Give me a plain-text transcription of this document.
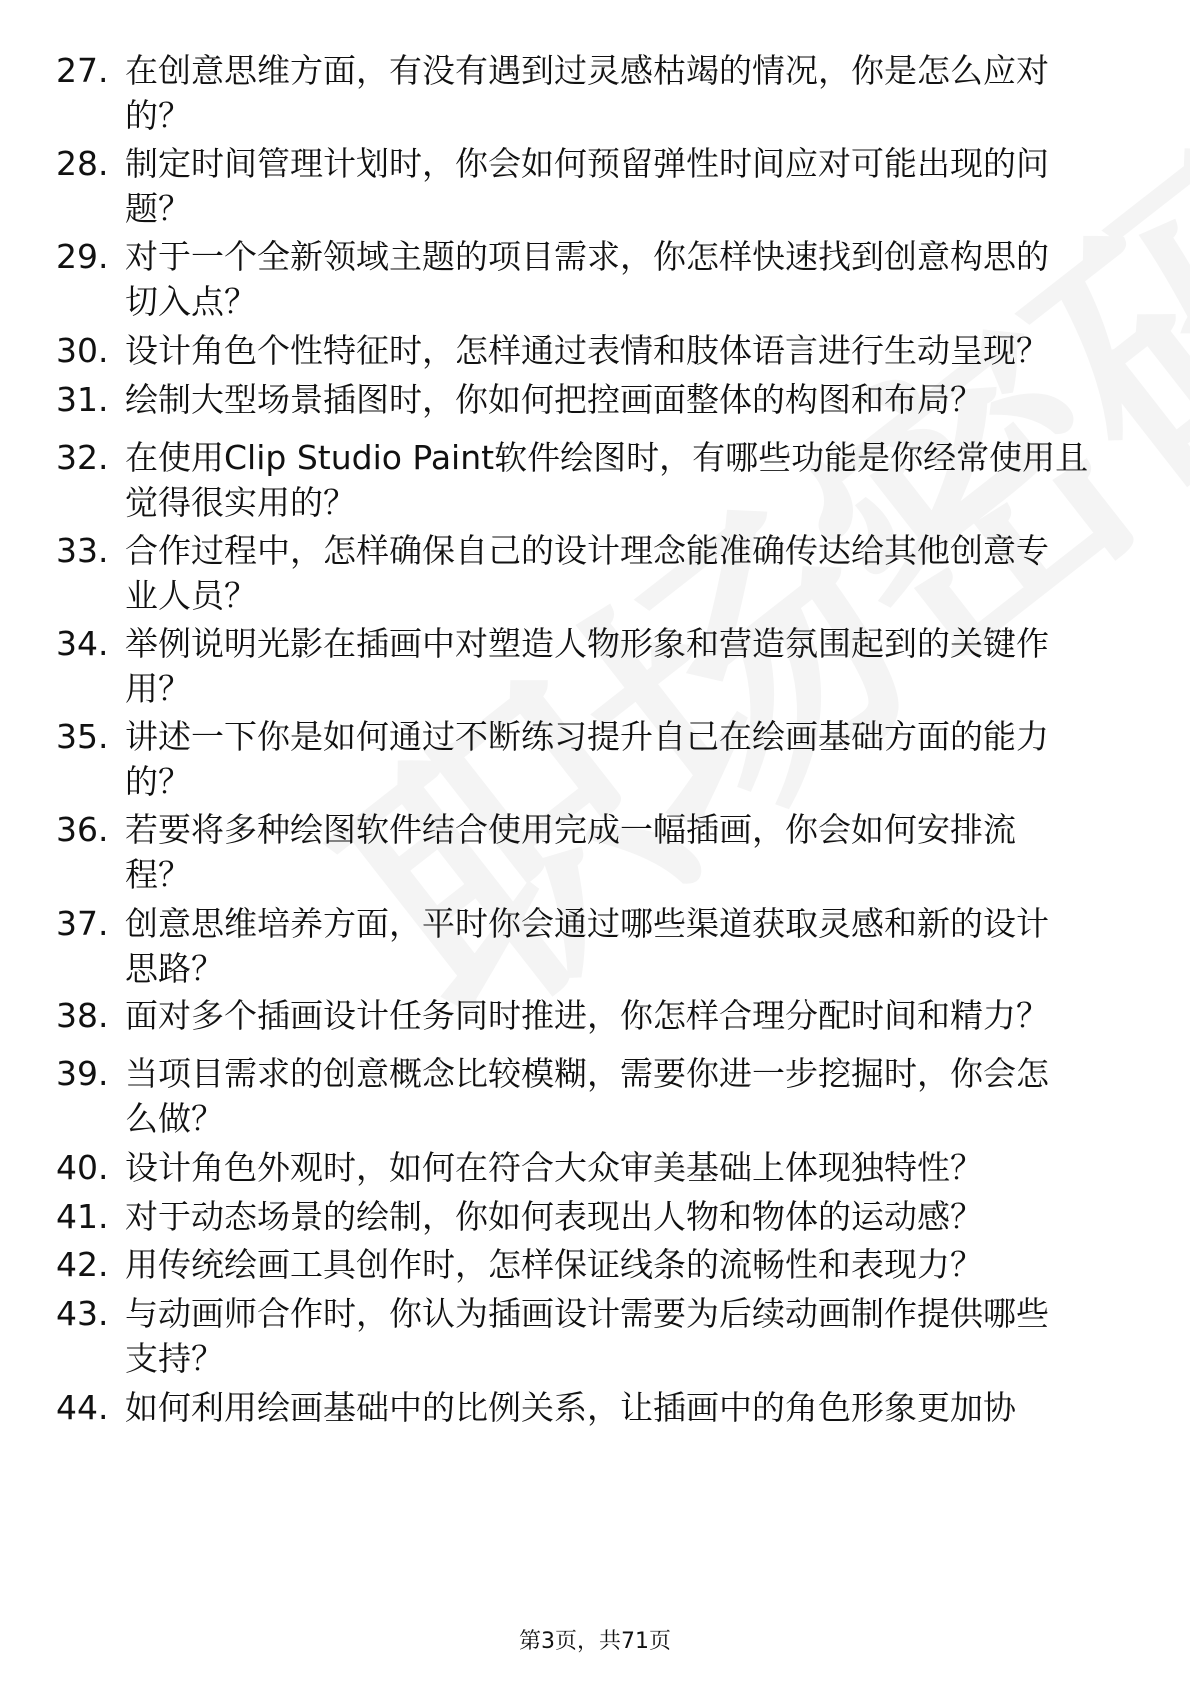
27. 在创意思维方面，有没有遇到过灵感枯竭的情况，你是怎么应对
的？
28. 制定时间管理计划时，你会如何预留弹性时间应对可能出现的问
题？
29. 对于一个全新领域主题的项目需求，你怎样快速找到创意构思的
切入点？
30. 设计角色个性特征时，怎样通过表情和肢体语言进行生动呈现？
31. 绘制大型场景插图时，你如何把控画面整体的构图和布局？
32. 在使用Clip Studio Paint软件绘图时，有哪些功能是你经常使用且
觉得很实用的？
33. 合作过程中，怎样确保自己的设计理念能准确传达给其他创意专
业人员？
34. 举例说明光影在插画中对塑造人物形象和营造氛围起到的关键作
用？
35. 讲述一下你是如何通过不断练习提升自己在绘画基础方面的能力
的？
36. 若要将多种绘图软件结合使用完成一幅插画，你会如何安排流
程？
37. 创意思维培养方面，平时你会通过哪些渠道获取灵感和新的设计
思路？
38. 面对多个插画设计任务同时推进，你怎样合理分配时间和精力？
39. 当项目需求的创意概念比较模糊，需要你进一步挖掘时，你会怎
么做？
40. 设计角色外观时，如何在符合大众审美基础上体现独特性？
41. 对于动态场景的绘制，你如何表现出人物和物体的运动感？
42. 用传统绘画工具创作时，怎样保证线条的流畅性和表现力？
43. 与动画师合作时，你认为插画设计需要为后续动画制作提供哪些
支持？
44. 如何利用绘画基础中的比例关系，让插画中的角色形象更加协
第3页，共71页
